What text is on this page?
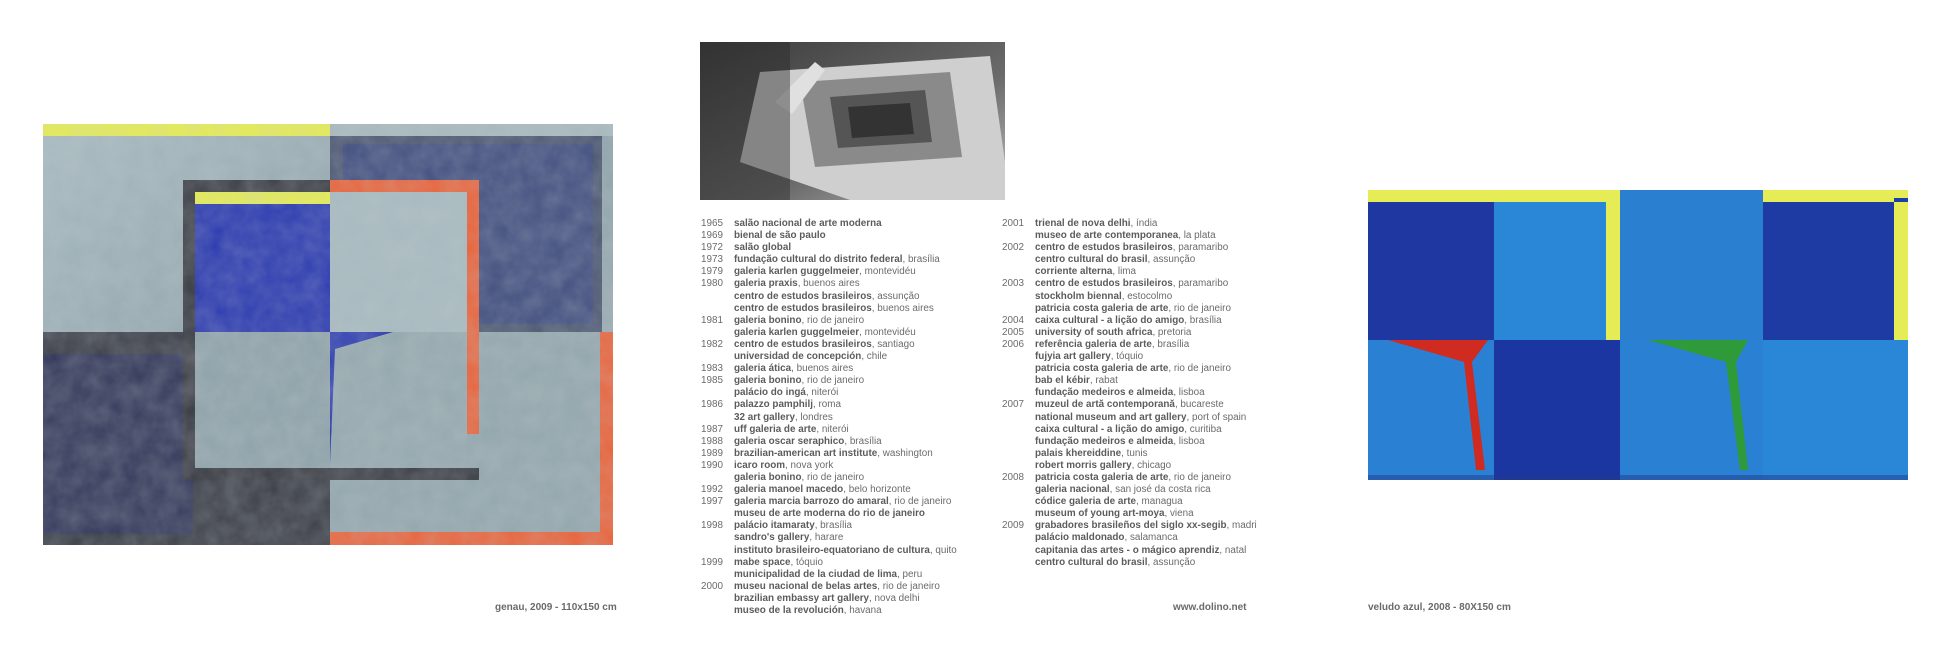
1965	salão nacional de arte moderna
1969	bienal de são paulo
1972	salão global
1973	fundação cultural do distrito federal, brasília
1979	galeria karlen guggelmeier, montevidéu
1980	galeria praxis, buenos aires
centro de estudos brasileiros, assunção
centro de estudos brasileiros, buenos aires
1981	galeria bonino, rio de janeiro
galeria karlen guggelmeier, montevidéu
1982	centro de estudos brasileiros, santiago
universidad de concepción, chile
1983	galeria ática, buenos aires
1985	galeria bonino, rio de janeiro
palácio do ingá, niterói
1986	palazzo pamphilj, roma
32 art gallery, londres
1987	uff galeria de arte, niterói
1988	galeria oscar seraphico, brasília
1989	brazilian-american art institute, washington
1990	icaro room, nova york
galeria bonino, rio de janeiro
1992	galeria manoel macedo, belo horizonte
1997	galeria marcia barrozo do amaral, rio de janeiro
museu de arte moderna do rio de janeiro
1998	palácio itamaraty, brasília
sandro's gallery, harare
instituto brasileiro-equatoriano de cultura, quito
1999	mabe space, tóquio
municipalidad de la ciudad de lima, peru
2000	museu nacional de belas artes, rio de janeiro
brazilian embassy art gallery, nova delhi
museo de la revolución, havana
2001	trienal de nova delhi, índia
museo de arte contemporanea, la plata
2002	centro de estudos brasileiros, paramaribo
centro cultural do brasil, assunção
corriente alterna, lima
2003	centro de estudos brasileiros, paramaribo
stockholm biennal, estocolmo
patricia costa galeria de arte, rio de janeiro
2004	caixa cultural - a lição do amigo, brasília
2005	university of south africa, pretoria
2006	referência galeria de arte, brasília
fujyia art gallery, tóquio
patricia costa galeria de arte, rio de janeiro
bab el kébir, rabat
fundação medeiros e almeida, lisboa
2007	muzeul de artă contemporană, bucareste
national museum and art gallery, port of spain
caixa cultural - a lição do amigo, curitiba
fundação medeiros e almeida, lisboa
palais khereiddine, tunis
robert morris gallery, chicago
2008	patricia costa galeria de arte, rio de janeiro
galeria nacional, san josé da costa rica
códice galeria de arte, managua
museum of young art-moya, viena
2009	grabadores brasileños del siglo xx-segib, madri
palácio maldonado, salamanca
capitania das artes - o mágico aprendiz, natal
centro cultural do brasil, assunção
genau, 2009 - 110x150 cm	www.dolino.net	veludo azul, 2008 - 80X150 cm
